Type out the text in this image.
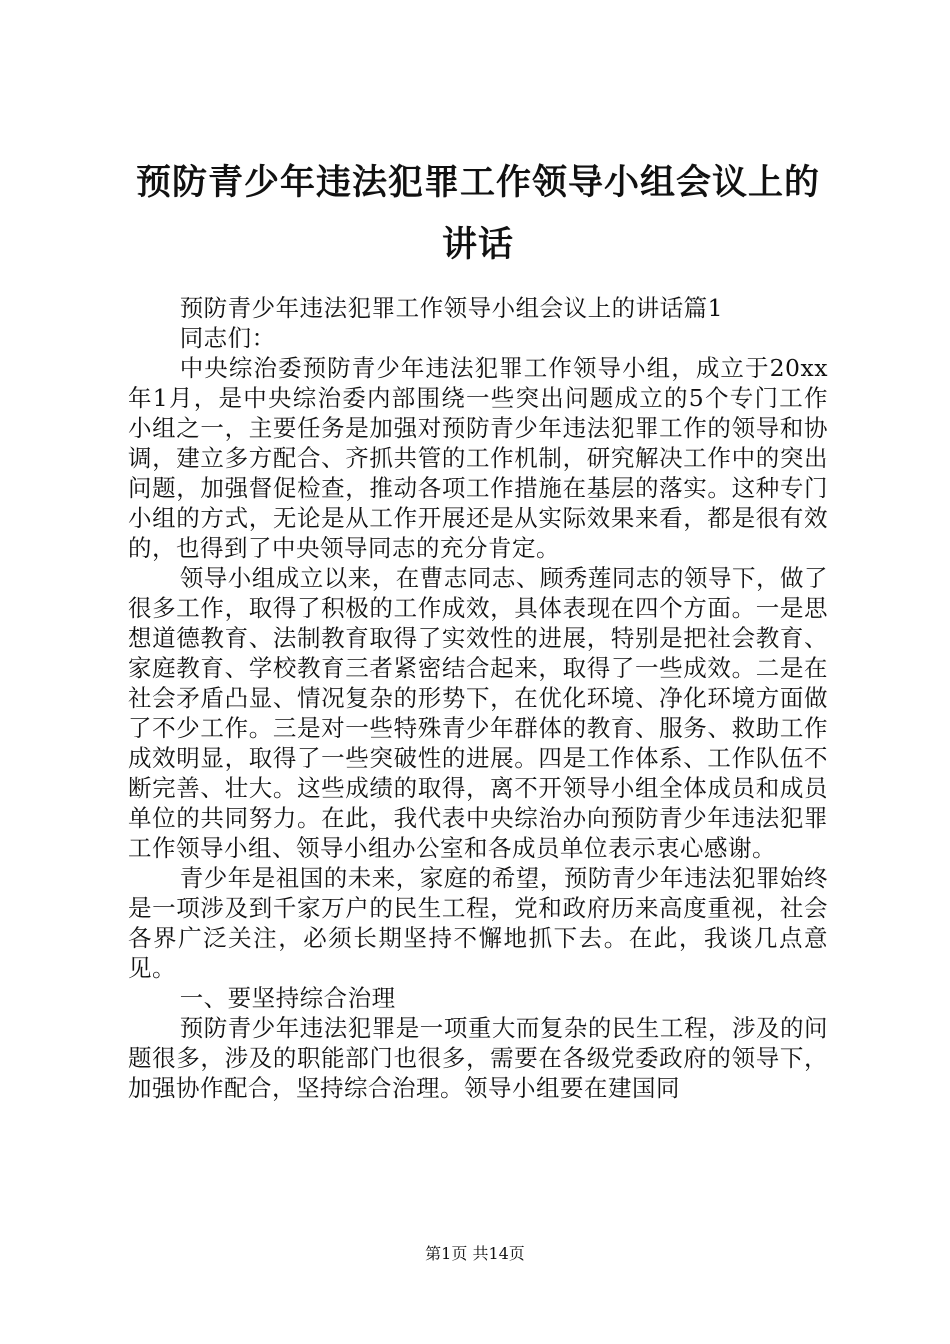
预防青少年违法犯罪工作领导小组会议上的讲话

预防青少年违法犯罪工作领导小组会议上的讲话篇1

同志们：

中央综治委预防青少年违法犯罪工作领导小组，成立于20xx年1月，是中央综治委内部围绕一些突出问题成立的5个专门工作小组之一，主要任务是加强对预防青少年违法犯罪工作的领导和协调，建立多方配合、齐抓共管的工作机制，研究解决工作中的突出问题，加强督促检查，推动各项工作措施在基层的落实。这种专门小组的方式，无论是从工作开展还是从实际效果来看，都是很有效的，也得到了中央领导同志的充分肯定。

领导小组成立以来，在曹志同志、顾秀莲同志的领导下，做了很多工作，取得了积极的工作成效，具体表现在四个方面。一是思想道德教育、法制教育取得了实效性的进展，特别是把社会教育、家庭教育、学校教育三者紧密结合起来，取得了一些成效。二是在社会矛盾凸显、情况复杂的形势下，在优化环境、净化环境方面做了不少工作。三是对一些特殊青少年群体的教育、服务、救助工作成效明显，取得了一些突破性的进展。四是工作体系、工作队伍不断完善、壮大。这些成绩的取得，离不开领导小组全体成员和成员单位的共同努力。在此，我代表中央综治办向预防青少年违法犯罪工作领导小组、领导小组办公室和各成员单位表示衷心感谢。

青少年是祖国的未来，家庭的希望，预防青少年违法犯罪始终是一项涉及到千家万户的民生工程，党和政府历来高度重视，社会各界广泛关注，必须长期坚持不懈地抓下去。在此，我谈几点意见。

一、要坚持综合治理

预防青少年违法犯罪是一项重大而复杂的民生工程，涉及的问题很多，涉及的职能部门也很多，需要在各级党委政府的领导下，加强协作配合，坚持综合治理。领导小组要在建国同

第1页 共14页
